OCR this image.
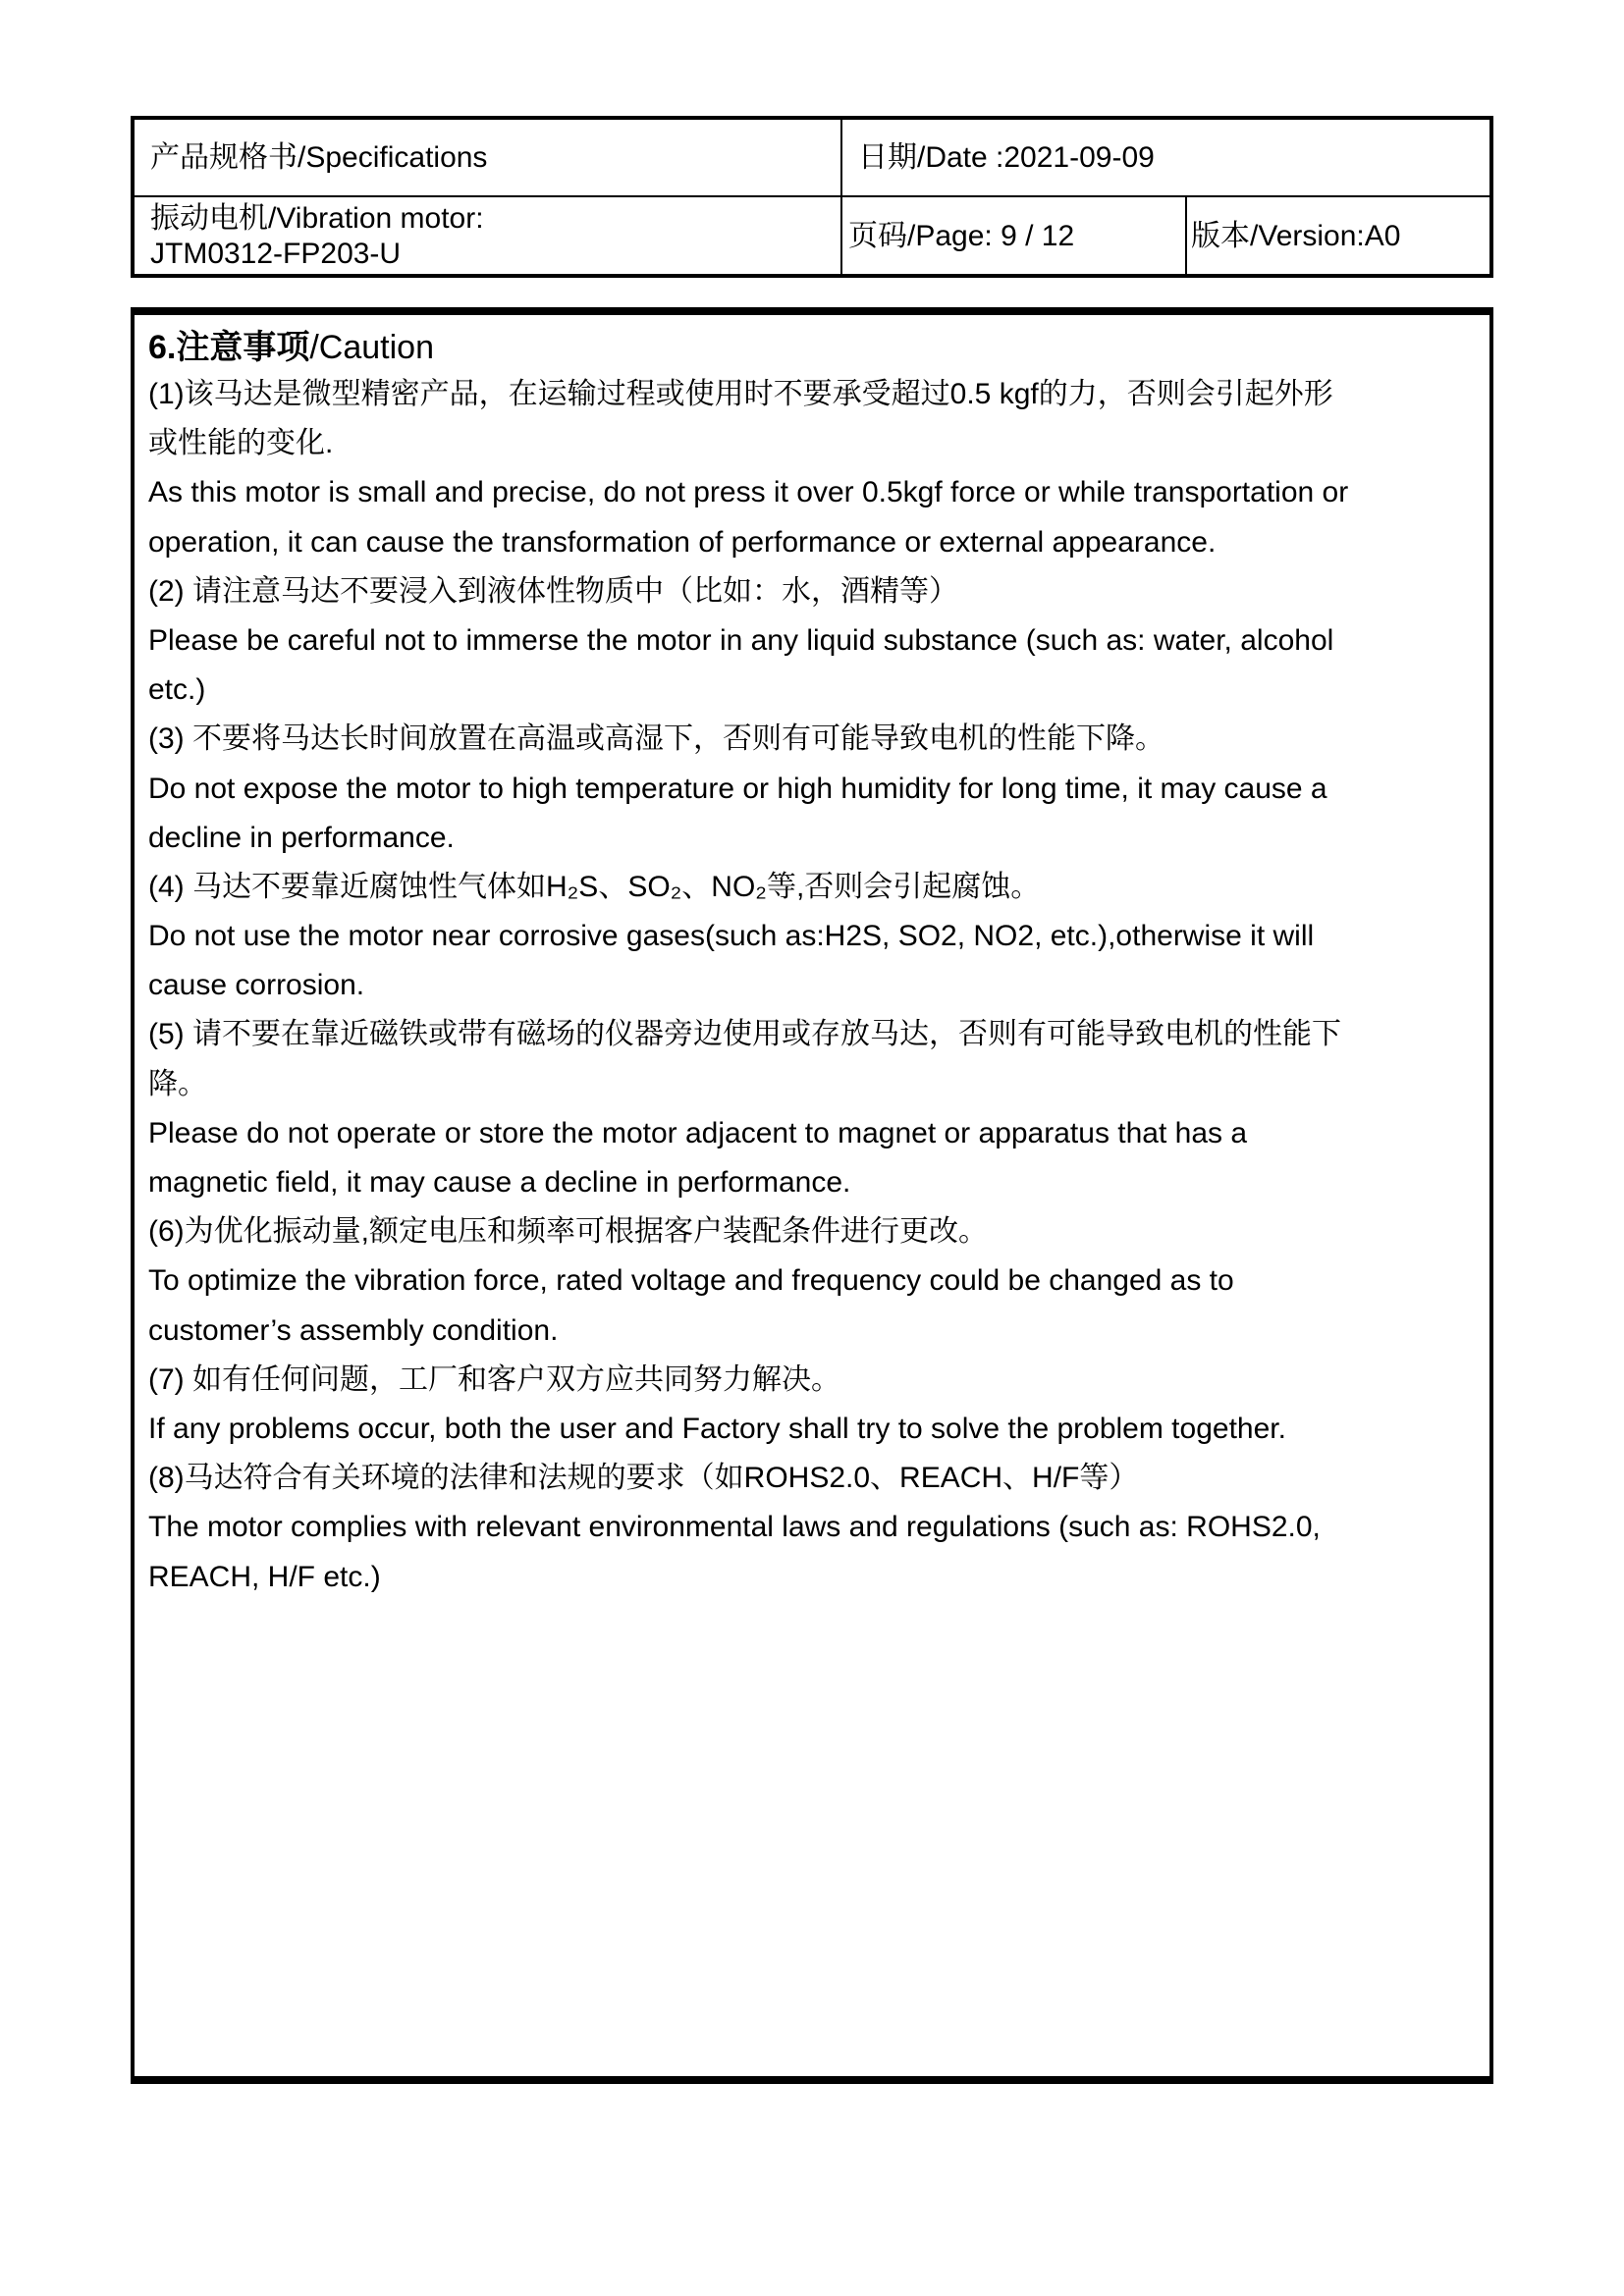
产品规格书/Specifications	日期/Date :2021-09-09
振动电机/Vibration motor:
JTM0312-FP203-U
页码/Page: 9 / 12	版本/Version:A0
6.注意事项/Caution
(1)该马达是微型精密产品，在运输过程或使用时不要承受超过0.5 kgf的力，否则会引起外形
或性能的变化.
As this motor is small and precise, do not press it over 0.5kgf force or while transportation or
operation, it can cause the transformation of performance or external appearance.
(2) 请注意马达不要浸入到液体性物质中（比如：水，酒精等）
Please be careful not to immerse the motor in any liquid substance (such as: water, alcohol
etc.)
(3) 不要将马达长时间放置在高温或高湿下，否则有可能导致电机的性能下降。
Do not expose the motor to high temperature or high humidity for long time, it may cause a
decline in performance.
(4) 马达不要靠近腐蚀性气体如H₂S、SO₂、NO₂等,否则会引起腐蚀。
Do not use the motor near corrosive gases(such as:H2S, SO2, NO2, etc.),otherwise it will
cause corrosion.
(5) 请不要在靠近磁铁或带有磁场的仪器旁边使用或存放马达，否则有可能导致电机的性能下
降。
Please do not operate or store the motor adjacent to magnet or apparatus that has a
magnetic field, it may cause a decline in performance.
(6)为优化振动量,额定电压和频率可根据客户装配条件进行更改。
To optimize the vibration force, rated voltage and frequency could be changed as to
customer’s assembly condition.
(7) 如有任何问题，工厂和客户双方应共同努力解决。
If any problems occur, both the user and Factory shall try to solve the problem together.
(8)马达符合有关环境的法律和法规的要求（如ROHS2.0、REACH、H/F等）
The motor complies with relevant environmental laws and regulations (such as: ROHS2.0,
REACH, H/F etc.)
